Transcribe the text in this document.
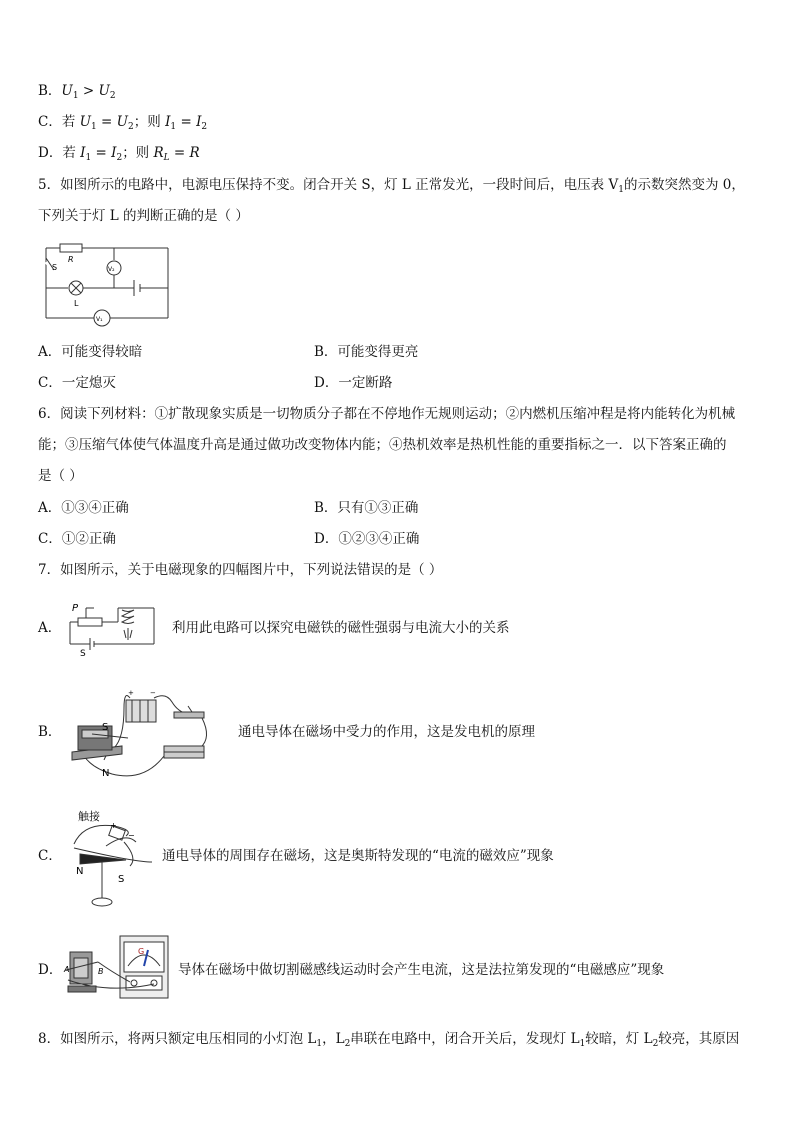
B．$U_1 > U_2$
C．若 $U_1 = U_2$；则 $I_1 = I_2$
D．若 $I_1 = I_2$；则 $R_L = R$
5．如图所示的电路中，电源电压保持不变。闭合开关 S，灯 L 正常发光，一段时间后，电压表 $V_1$的示数突然变为 0，
下列关于灯 L 的判断正确的是（ ）
S
R
L
V₂
V₁
A．可能变得较暗	B．可能变得更亮
C．一定熄灭	D．一定断路
6．阅读下列材料：①扩散现象实质是一切物质分子都在不停地作无规则运动；②内燃机压缩冲程是将内能转化为机械
能；③压缩气体使气体温度升高是通过做功改变物体内能；④热机效率是热机性能的重要指标之一．以下答案正确的
是（ ）
A．①③④正确	B．只有①③正确
C．①②正确	D．①②③④正确
7．如图所示，关于电磁现象的四幅图片中，下列说法错误的是（ ）
A．
P
S
利用此电路可以探究电磁铁的磁性强弱与电流大小的关系
B．
+ −
S
N
通电导体在磁场中受力的作用，这是发电机的原理
C．
触接
+
−
N
S
通电导体的周围存在磁场，这是奥斯特发现的“电流的磁效应”现象
D．
G
A	B	导体在磁场中做切割磁感线运动时会产生电流，这是法拉第发现的“电磁感应”现象
8．如图所示，将两只额定电压相同的小灯泡 $L_1$，$L_2$串联在电路中，闭合开关后，发现灯 $L_1$较暗，灯 $L_2$较亮，其原因
